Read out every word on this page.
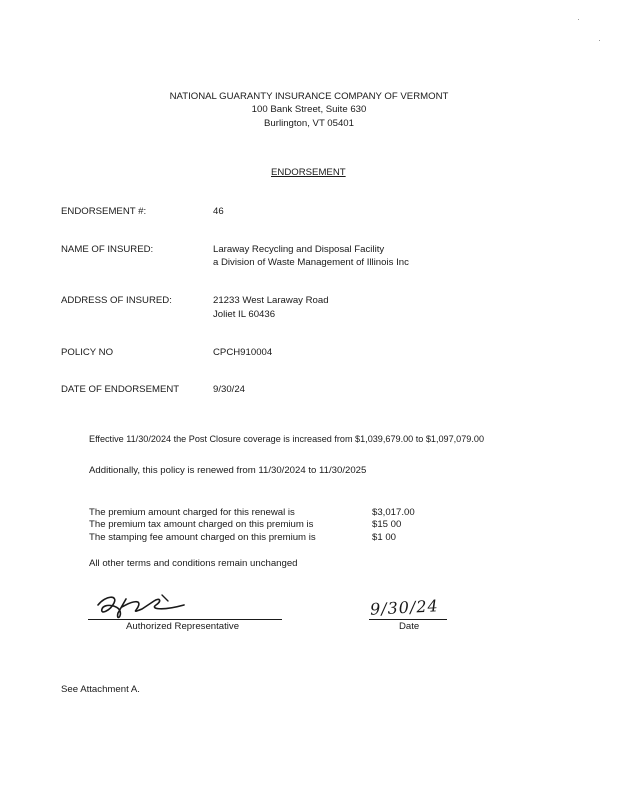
NATIONAL GUARANTY INSURANCE COMPANY OF VERMONT
100 Bank Street, Suite 630
Burlington, VT 05401
ENDORSEMENT
ENDORSEMENT #:	46
NAME OF INSURED:	Laraway Recycling and Disposal Facility
a Division of Waste Management of Illinois Inc
ADDRESS OF INSURED:	21233 West Laraway Road
Joliet IL 60436
POLICY NO	CPCH910004
DATE OF ENDORSEMENT	9/30/24
Effective 11/30/2024 the Post Closure coverage is increased from $1,039,679.00 to $1,097,079.00
Additionally, this policy is renewed from 11/30/2024 to 11/30/2025
The premium amount charged for this renewal is	$3,017.00
The premium tax amount charged on this premium is	$15 00
The stamping fee amount charged on this premium is	$1 00
All other terms and conditions remain unchanged
Authorized Representative
9/30/24
Date
See Attachment A.
